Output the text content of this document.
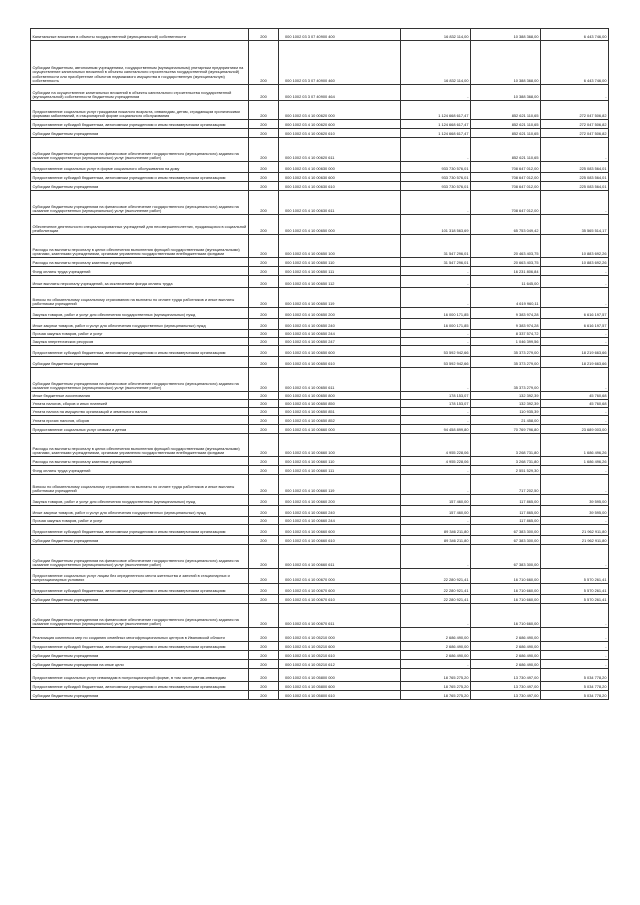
Капитальные вложения в объекты государственной (муниципальной) собственности	200	000 1002 03 3 07 40900 400	16 832 114,00	10 388 368,00	6 443 746,00
Субсидии бюджетным, автономным учреждениям, государственным (муниципальным) унитарным предприятиям на осуществление капитальных вложений в объекты капитального строительства государственной (муниципальной) собственности или приобретение объектов недвижимого имущества в государственную (муниципальную) собственность	200	000 1002 03 3 07 40900 460	16 832 114,00	10 388 368,00	6 443 746,00
Субсидии на осуществление капитальных вложений в объекты капитального строительства государственной (муниципальной) собственности бюджетным учреждениям	200	000 1002 03 3 07 40900 464	-	10 388 368,00	-
Предоставление социальных услуг гражданам пожилого возраста, инвалидам, детям, страдающим хроническими формами заболеваний, в стационарной форме социального обслуживания	200	000 1002 03 4 10 00620 000	1 124 668 617,47	852 621 110,65	272 047 506,82
Предоставление субсидий бюджетным, автономным учреждениям и иным некоммерческим организациям	200	000 1002 03 4 10 00620 600	1 124 668 617,47	852 621 110,65	272 047 506,82
Субсидии бюджетным учреждениям	200	000 1002 03 4 10 00620 610	1 124 668 617,47	852 621 110,65	272 047 506,82
Субсидии бюджетным учреждениям на финансовое обеспечение государственного (муниципального) задания на оказание государственных (муниципальных) услуг (выполнение работ)	200	000 1002 03 4 10 00620 611	-	852 621 110,65	-
Предоставление социальных услуг в форме социального обслуживания на дому	200	000 1002 03 4 10 00630 000	933 730 576,01	708 647 012,00	225 083 564,01
Предоставление субсидий бюджетным, автономным учреждениям и иным некоммерческим организациям	200	000 1002 03 4 10 00630 600	933 730 576,01	708 647 012,00	225 083 564,01
Субсидии бюджетным учреждениям	200	000 1002 03 4 10 00630 610	933 730 576,01	708 647 012,00	225 083 564,01
Субсидии бюджетным учреждениям на финансовое обеспечение государственного (муниципального) задания на оказание государственных (муниципальных) услуг (выполнение работ)	200	000 1002 03 4 10 00630 611	-	708 647 012,00	-
Обеспечение деятельности специализированных учреждений для несовершеннолетних, нуждающихся в социальной реабилитации	200	000 1002 03 4 10 00650 000	101 318 563,69	65 753 049,42	35 565 514,17
Расходы на выплаты персоналу в целях обеспечения выполнения функций государственными (муниципальными) органами, казенными учреждениями, органами управления государственными внебюджетными фондами	200	000 1002 03 4 10 00650 100	31 547 296,01	20 463 403,75	10 883 692,26
Расходы на выплаты персоналу казенных учреждений	200	000 1002 03 4 10 00650 110	31 547 296,01	20 663 403,75	10 883 692,26
Фонд оплаты труда учреждений	200	000 1002 03 4 10 00650 111	-	16 231 806,84	-
Иные выплаты персоналу учреждений, за исключением фонда оплаты труда	200	000 1002 03 4 10 00650 112	-	11 645,00	-
Взносы по обязательному социальному страхованию на выплаты по оплате труда работников и иные выплаты работникам учреждений	200	000 1002 03 4 10 00650 119	-	4 619 960,11	-
Закупка товаров, работ и услуг для обеспечения государственных (муниципальных) нужд	200	000 1002 03 4 10 00650 200	16 000 171,85	9 383 974,28	6 616 197,57
Иные закупки товаров, работ и услуг для обеспечения государственных (муниципальных) нужд	200	000 1002 03 4 10 00650 240	16 000 171,85	9 383 974,28	6 616 197,57
Прочая закупка товаров, работ и услуг	200	000 1002 03 4 10 00650 244	-	8 337 574,72	-
Закупка энергетических ресурсов	200	000 1002 03 4 10 00650 247	-	1 046 399,56	-
Предоставление субсидий бюджетным, автономным учреждениям и иным некоммерческим организациям	200	000 1002 03 4 10 00650 600	53 592 942,66	35 373 279,00	18 219 663,66
Субсидии бюджетным учреждениям	200	000 1002 03 4 10 00650 610	53 592 942,66	35 373 279,00	18 219 663,66
Субсидии бюджетным учреждениям на финансовое обеспечение государственного (муниципального) задания на оказание государственных (муниципальных) услуг (выполнение работ)	200	000 1002 03 4 10 00650 611	-	35 373 279,00	-
Иные бюджетные ассигнования	200	000 1002 03 4 10 00650 800	178 153,07	132 392,39	45 760,68
Уплата налогов, сборов и иных платежей	200	000 1002 03 4 10 00650 850	178 153,07	132 392,39	45 760,68
Уплата налога на имущество организаций и земельного налога	200	000 1002 03 4 10 00650 851	-	110 935,39	-
Уплата прочих налогов, сборов	200	000 1002 03 4 10 00650 852	-	21 458,00	-
Предоставление социальных услуг семьям и детям	200	000 1002 03 4 10 00660 000	94 458 899,80	70 769 796,80	23 689 003,00
Расходы на выплаты персоналу в целях обеспечения выполнения функций государственными (муниципальными) органами, казенными учреждениями, органами управления государственными внебюджетными фондами	200	000 1002 03 4 10 00660 100	4 955 228,06	3 268 731,80	1 686 496,26
Расходы на выплаты персоналу казенных учреждений	200	000 1002 03 4 10 00660 110	4 955 228,06	3 268 731,80	1 686 496,26
Фонд оплаты труда учреждений	200	000 1002 03 4 10 00660 111	-	2 551 529,30	-
Взносы по обязательному социальному страхованию на выплаты по оплате труда работников и иные выплаты работникам учреждений	200	000 1002 03 4 10 00660 119	-	717 202,50	-
Закупка товаров, работ и услуг для обеспечения государственных (муниципальных) нужд	200	000 1002 03 4 10 00660 200	157 460,00	117 865,00	39 595,00
Иные закупки товаров, работ и услуг для обеспечения государственных (муниципальных) нужд	200	000 1002 03 4 10 00660 240	157 460,00	117 865,00	39 595,00
Прочая закупка товаров, работ и услуг	200	000 1002 03 4 10 00660 244	-	117 865,00	-
Предоставление субсидий бюджетным, автономным учреждениям и иным некоммерческим организациям	200	000 1002 03 4 10 00660 600	89 346 211,80	67 383 300,00	21 962 911,80
Субсидии бюджетным учреждениям	200	000 1002 03 4 10 00660 610	89 346 211,80	67 383 300,00	21 962 911,80
Субсидии бюджетным учреждениям на финансовое обеспечение государственного (муниципального) задания на оказание государственных (муниципальных) услуг (выполнение работ)	200	000 1002 03 4 10 00660 611	-	67 383 300,00	-
Предоставление социальных услуг лицам без определенного места жительства и занятий в стационарных и полустационарных условиях	200	000 1002 03 4 10 00670 000	22 280 921,41	16 710 660,00	5 570 261,41
Предоставление субсидий бюджетным, автономным учреждениям и иным некоммерческим организациям	200	000 1002 03 4 10 00670 600	22 280 921,41	16 710 660,00	5 570 261,41
Субсидии бюджетным учреждениям	200	000 1002 03 4 10 00670 610	22 280 921,41	16 710 660,00	5 570 261,41
Субсидии бюджетным учреждениям на финансовое обеспечение государственного (муниципального) задания на оказание государственных (муниципальных) услуг (выполнение работ)	200	000 1002 03 4 10 00670 611	-	16 710 660,00	-
Реализация комплекса мер по созданию семейных многофункциональных центров в Ивановской области	200	000 1002 03 4 10 05210 000	2 686 490,00	2 686 490,00	-
Предоставление субсидий бюджетным, автономным учреждениям и иным некоммерческим организациям	200	000 1002 03 4 10 05210 600	2 686 490,00	2 686 490,00	-
Субсидии бюджетным учреждениям	200	000 1002 03 4 10 05210 610	2 686 490,00	2 686 490,00	-
Субсидии бюджетным учреждениям на иные цели	200	000 1002 03 4 10 05210 612	-	2 686 490,00	-
Предоставление социальных услуг инвалидам в полустационарной форме, в том числе детям-инвалидам	200	000 1002 03 4 10 05800 000	18 765 275,20	13 730 497,00	5 034 778,20
Предоставление субсидий бюджетным, автономным учреждениям и иным некоммерческим организациям	200	000 1002 03 4 10 05800 600	18 765 275,20	13 730 497,00	5 034 778,20
Субсидии бюджетным учреждениям	200	000 1002 03 4 10 05800 610	18 765 275,20	13 730 497,00	5 034 778,20
